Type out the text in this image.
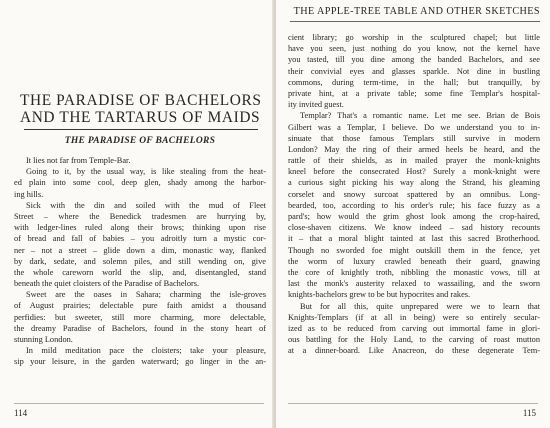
THE PARADISE OF BACHELORS
AND THE TARTARUS OF MAIDS
THE PARADISE OF BACHELORS
It lies not far from Temple-Bar.
Going to it, by the usual way, is like stealing from the heat-
ed plain into some cool, deep glen, shady among the harbor-
ing hills.
Sick with the din and soiled with the mud of Fleet
Street – where the Benedick tradesmen are hurrying by,
with ledger-lines ruled along their brows; thinking upon rise
of bread and fall of babies – you adroitly turn a mystic cor-
ner – not a street – glide down a dim, monastic way, flanked
by dark, sedate, and solemn piles, and still wending on, give
the whole careworn world the slip, and, disentangled, stand
beneath the quiet cloisters of the Paradise of Bachelors.
Sweet are the oases in Sahara; charming the isle-groves
of August prairies; delectable pure faith amidst a thousand
perfidies: but sweeter, still more charming, more delectable,
the dreamy Paradise of Bachelors, found in the stony heart of
stunning London.
In mild meditation pace the cloisters; take your pleasure,
sip your leisure, in the garden waterward; go linger in the an-
114
THE APPLE-TREE TABLE AND OTHER SKETCHES
cient library; go worship in the sculptured chapel; but little
have you seen, just nothing do you know, not the kernel have
you tasted, till you dine among the banded Bachelors, and see
their convivial eyes and glasses sparkle. Not dine in bustling
commons, during term-time, in the hall; but tranquilly, by
private hint, at a private table; some fine Templar's hospital-
ity invited guest.
Templar? That's a romantic name. Let me see. Brian de Bois
Gilbert was a Templar, I believe. Do we understand you to in-
sinuate that those famous Templars still survive in modern
London? May the ring of their armed heels be heard, and the
rattle of their shields, as in mailed prayer the monk-knights
kneel before the consecrated Host? Surely a monk-knight were
a curious sight picking his way along the Strand, his gleaming
corselet and snowy surcoat spattered by an omnibus. Long-
bearded, too, according to his order's rule; his face fuzzy as a
pard's; how would the grim ghost look among the crop-haired,
close-shaven citizens. We know indeed – sad history recounts
it – that a moral blight tainted at last this sacred Brotherhood.
Though no sworded foe might outskill them in the fence, yet
the worm of luxury crawled beneath their guard, gnawing
the core of knightly troth, nibbling the monastic vows, till at
last the monk's austerity relaxed to wassailing, and the sworn
knights-bachelors grew to be but hypocrites and rakes.
But for all this, quite unprepared were we to learn that
Knights-Templars (if at all in being) were so entirely secular-
ized as to be reduced from carving out immortal fame in glori-
ous battling for the Holy Land, to the carving of roast mutton
at a dinner-board. Like Anacreon, do these degenerate Tem-
115
